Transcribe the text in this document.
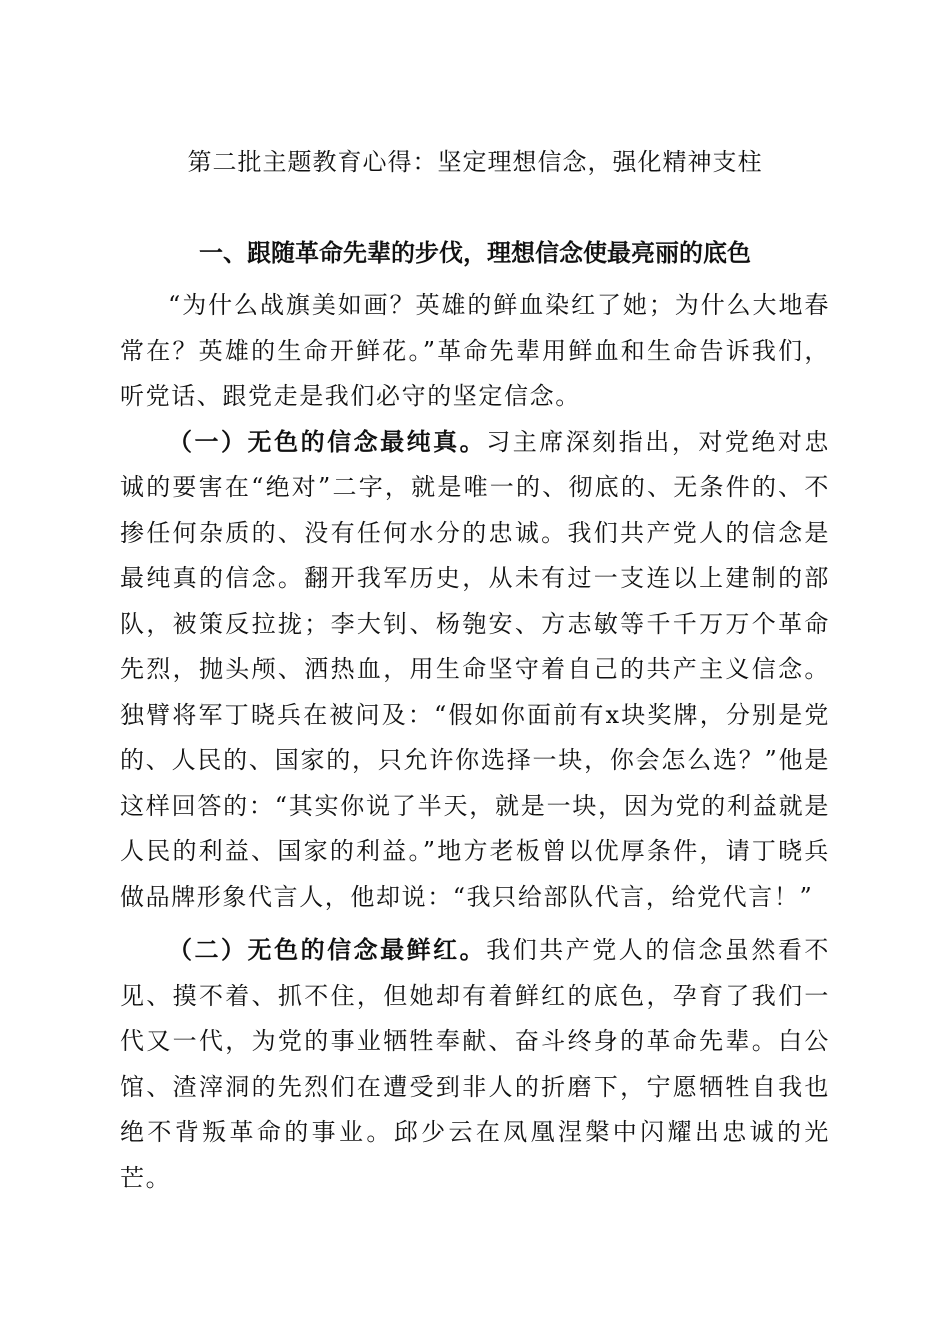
第二批主题教育心得：坚定理想信念，强化精神支柱
一、跟随革命先辈的步伐，理想信念使最亮丽的底色

“为什么战旗美如画？英雄的鲜血染红了她；为什么大地春常在？英雄的生命开鲜花。”革命先辈用鲜血和生命告诉我们，听党话、跟党走是我们必守的坚定信念。

（一）无色的信念最纯真。习主席深刻指出，对党绝对忠诚的要害在“绝对”二字，就是唯一的、彻底的、无条件的、不掺任何杂质的、没有任何水分的忠诚。我们共产党人的信念是最纯真的信念。翻开我军历史，从未有过一支连以上建制的部队，被策反拉拢；李大钊、杨匏安、方志敏等千千万万个革命先烈，抛头颅、洒热血，用生命坚守着自己的共产主义信念。独臂将军丁晓兵在被问及：“假如你面前有x块奖牌，分别是党的、人民的、国家的，只允许你选择一块，你会怎么选？”他是这样回答的：“其实你说了半天，就是一块，因为党的利益就是人民的利益、国家的利益。”地方老板曾以优厚条件，请丁晓兵做品牌形象代言人，他却说：“我只给部队代言，给党代言！”

（二）无色的信念最鲜红。我们共产党人的信念虽然看不见、摸不着、抓不住，但她却有着鲜红的底色，孕育了我们一代又一代，为党的事业牺牲奉献、奋斗终身的革命先辈。白公馆、渣滓洞的先烈们在遭受到非人的折磨下，宁愿牺牲自我也绝不背叛革命的事业。邱少云在凤凰涅槃中闪耀出忠诚的光芒。
